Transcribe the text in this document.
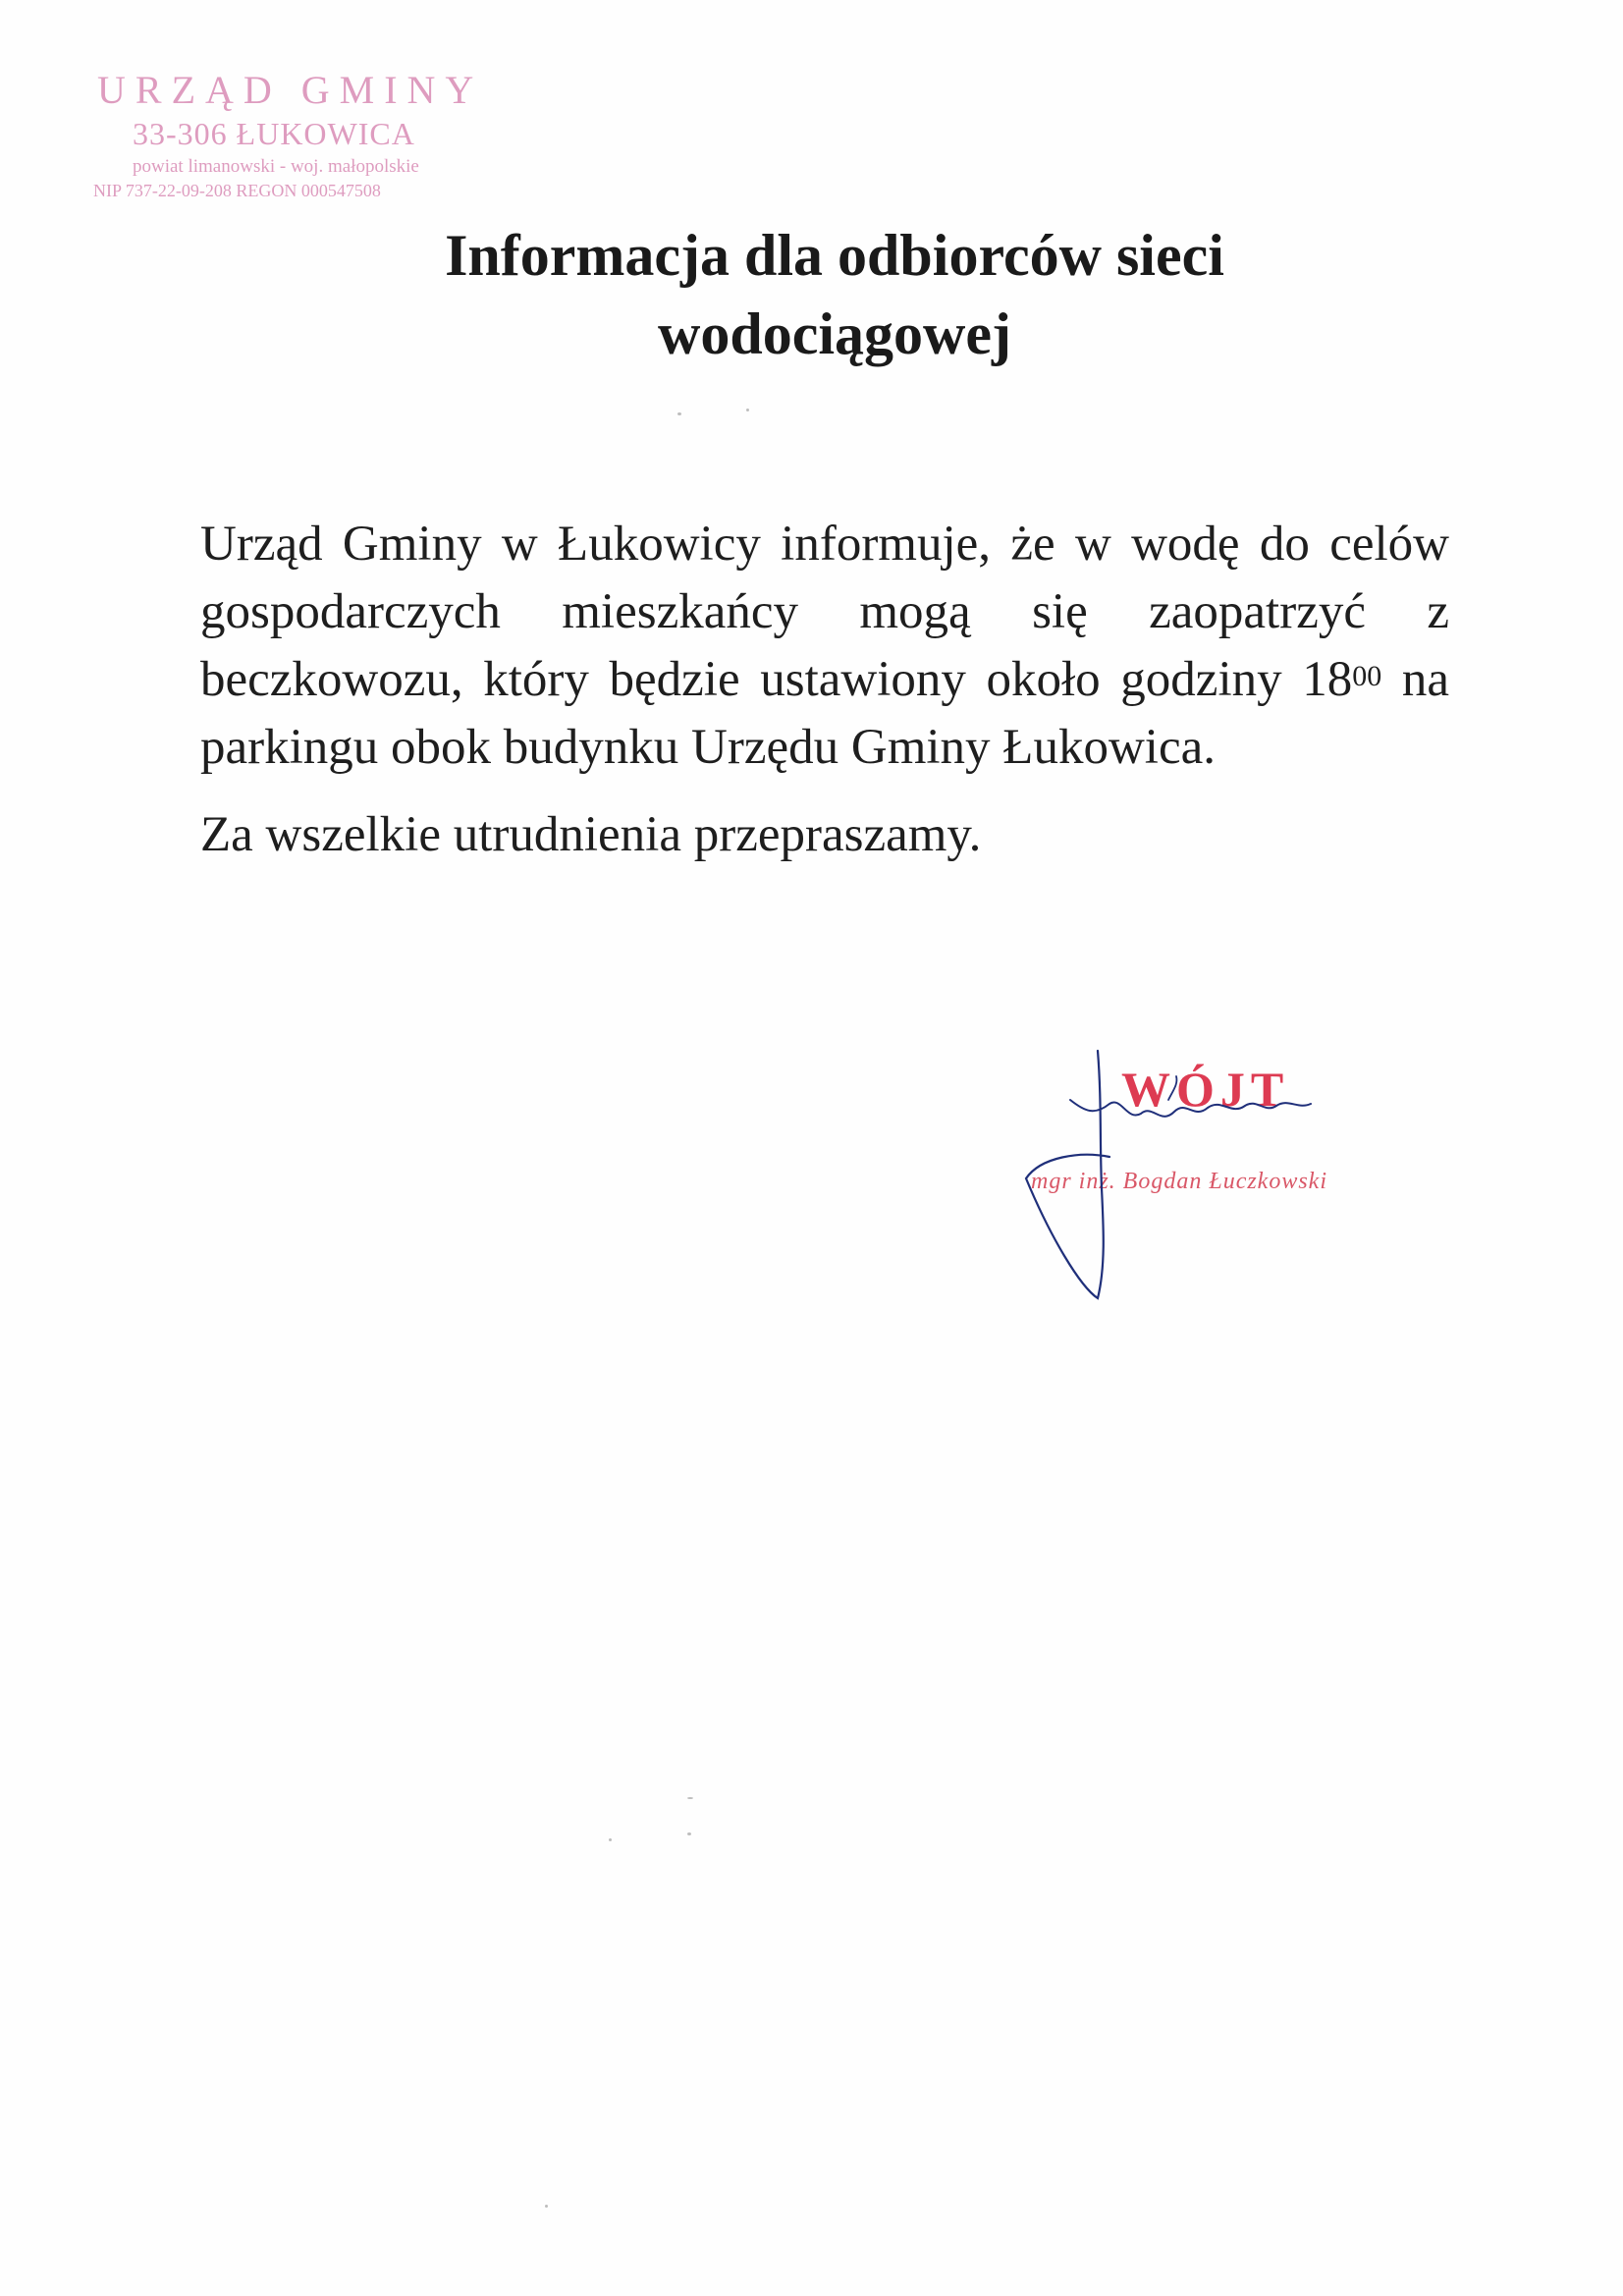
URZĄD GMINY
33-306 ŁUKOWICA
powiat limanowski - woj. małopolskie
NIP 737-22-09-208 REGON 000547508
Informacja dla odbiorców sieci
wodociągowej

Urząd Gminy w Łukowicy informuje, że w wodę do celów gospodarczych mieszkańcy mogą się zaopatrzyć z beczkowozu, który będzie ustawiony około godziny $18^{00}$ na parkingu obok budynku Urzędu Gminy Łukowica.

Za wszelkie utrudnienia przepraszamy.

WÓJT
mgr inż. Bogdan Łuczkowski
